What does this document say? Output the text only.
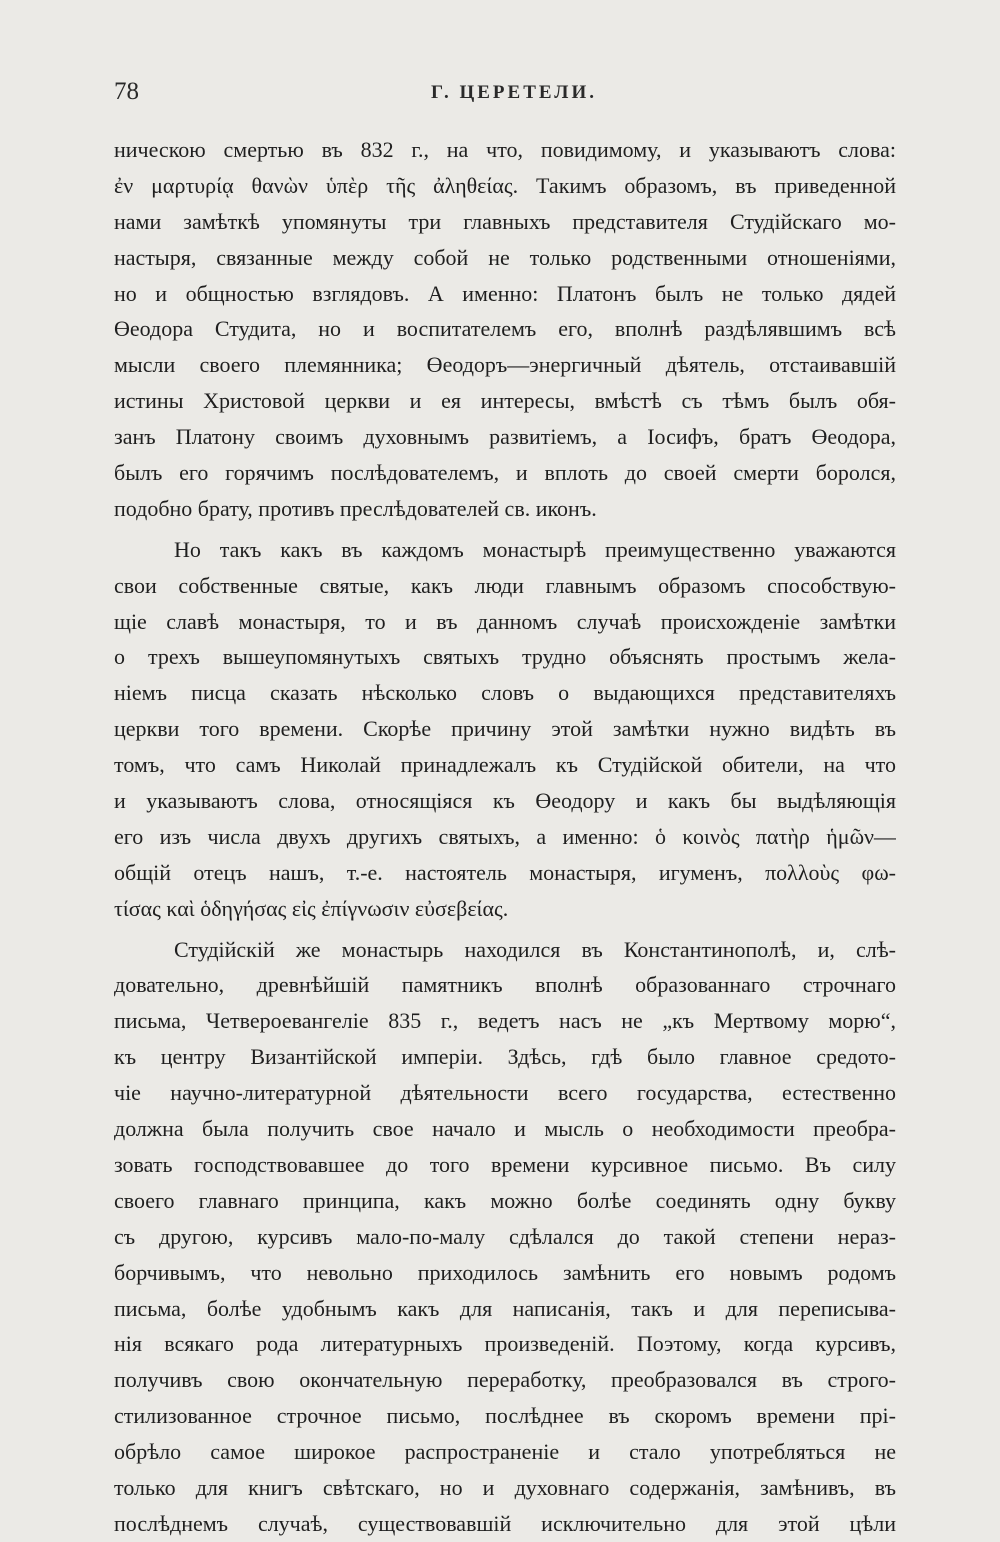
78	Г. ЦЕРЕТЕЛИ.
ническою смертью въ 832 г., на что, повидимому, и указываютъ слова:
ἐν μαρτυρίᾳ θανὼν ὑπὲρ τῆς ἀληθείας. Такимъ образомъ, въ приведенной
нами замѣткѣ упомянуты три главныхъ представителя Студійскаго мо-
настыря, связанные между собой не только родственными отношеніями,
но и общностью взглядовъ. А именно: Платонъ былъ не только дядей
Өеодора Студита, но и воспитателемъ его, вполнѣ раздѣлявшимъ всѣ
мысли своего племянника; Өеодоръ—энергичный дѣятель, отстаивавшій
истины Христовой церкви и ея интересы, вмѣстѣ съ тѣмъ былъ обя-
занъ Платону своимъ духовнымъ развитіемъ, а Іосифъ, братъ Өеодора,
былъ его горячимъ послѣдователемъ, и вплоть до своей смерти боролся,
подобно брату, противъ преслѣдователей св. иконъ.
Но такъ какъ въ каждомъ монастырѣ преимущественно уважаются
свои собственные святые, какъ люди главнымъ образомъ способствую-
щіе славѣ монастыря, то и въ данномъ случаѣ происхожденіе замѣтки
о трехъ вышеупомянутыхъ святыхъ трудно объяснять простымъ жела-
ніемъ писца сказать нѣсколько словъ о выдающихся представителяхъ
церкви того времени. Скорѣе причину этой замѣтки нужно видѣть въ
томъ, что самъ Николай принадлежалъ къ Студійской обители, на что
и указываютъ слова, относящіяся къ Өеодору и какъ бы выдѣляющія
его изъ числа двухъ другихъ святыхъ, а именно: ὁ κοινὸς πατὴρ ἡμῶν—
общій отецъ нашъ, т.-е. настоятель монастыря, игуменъ, πολλοὺς φω-
τίσας καὶ ὁδηγήσας εἰς ἐπίγνωσιν εὐσεβείας.
Студійскій же монастырь находился въ Константинополѣ, и, слѣ-
довательно, древнѣйшій памятникъ вполнѣ образованнаго строчнаго
письма, Четвероевангеліе 835 г., ведетъ насъ не „къ Мертвому морю“,
къ центру Византійской имперіи. Здѣсь, гдѣ было главное средото-
чіе научно-литературной дѣятельности всего государства, естественно
должна была получить свое начало и мысль о необходимости преобра-
зовать господствовавшее до того времени курсивное письмо. Въ силу
своего главнаго принципа, какъ можно болѣе соединять одну букву
съ другою, курсивъ мало-по-малу сдѣлался до такой степени нераз-
борчивымъ, что невольно приходилось замѣнить его новымъ родомъ
письма, болѣе удобнымъ какъ для написанія, такъ и для переписыва-
нія всякаго рода литературныхъ произведеній. Поэтому, когда курсивъ,
получивъ свою окончательную переработку, преобразовался въ строго-
стилизованное строчное письмо, послѣднее въ скоромъ времени прі-
обрѣло самое широкое распространеніе и стало употребляться не
только для книгъ свѣтскаго, но и духовнаго содержанія, замѣнивъ, въ
послѣднемъ случаѣ, существовавшій исключительно для этой цѣли
